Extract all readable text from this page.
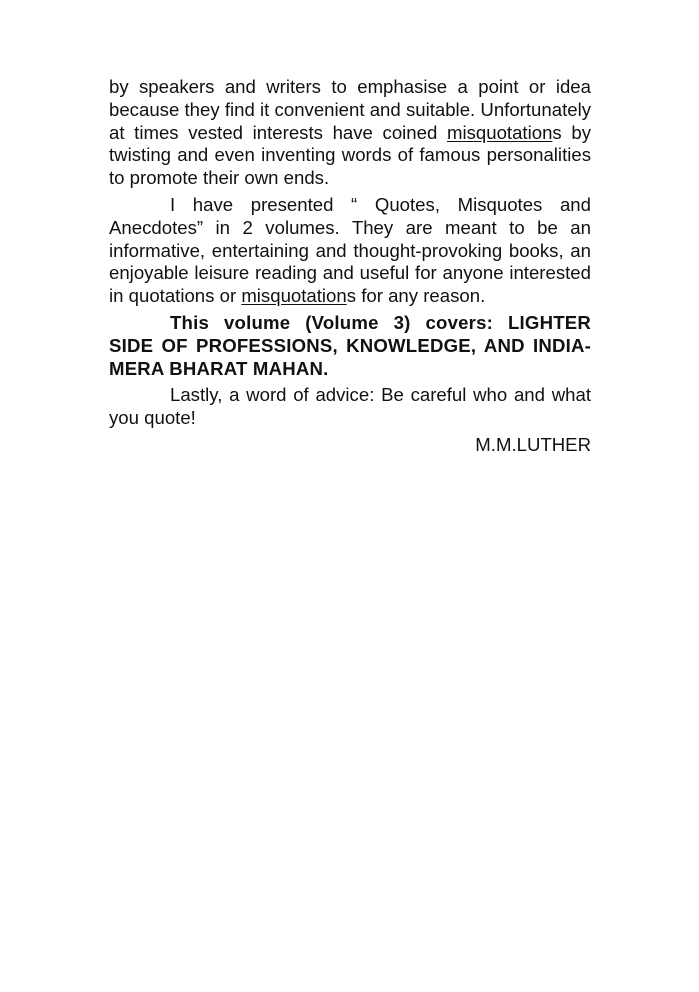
by speakers and writers to emphasise a point or idea because they find it convenient and suitable. Unfortunately at times vested interests have coined misquotations by twisting and even inventing words of famous personalities to promote their own ends.

I have presented “ Quotes, Misquotes and Anecdotes” in 2 volumes. They are meant to be an informative, entertaining and thought-provoking books, an enjoyable leisure reading and useful for anyone interested in quotations or misquotations for any reason.

This volume (Volume 3) covers: LIGHTER SIDE OF PROFESSIONS, KNOWLEDGE, AND INDIA-MERA BHARAT MAHAN.

Lastly, a word of advice: Be careful who and what you quote!

M.M.LUTHER
